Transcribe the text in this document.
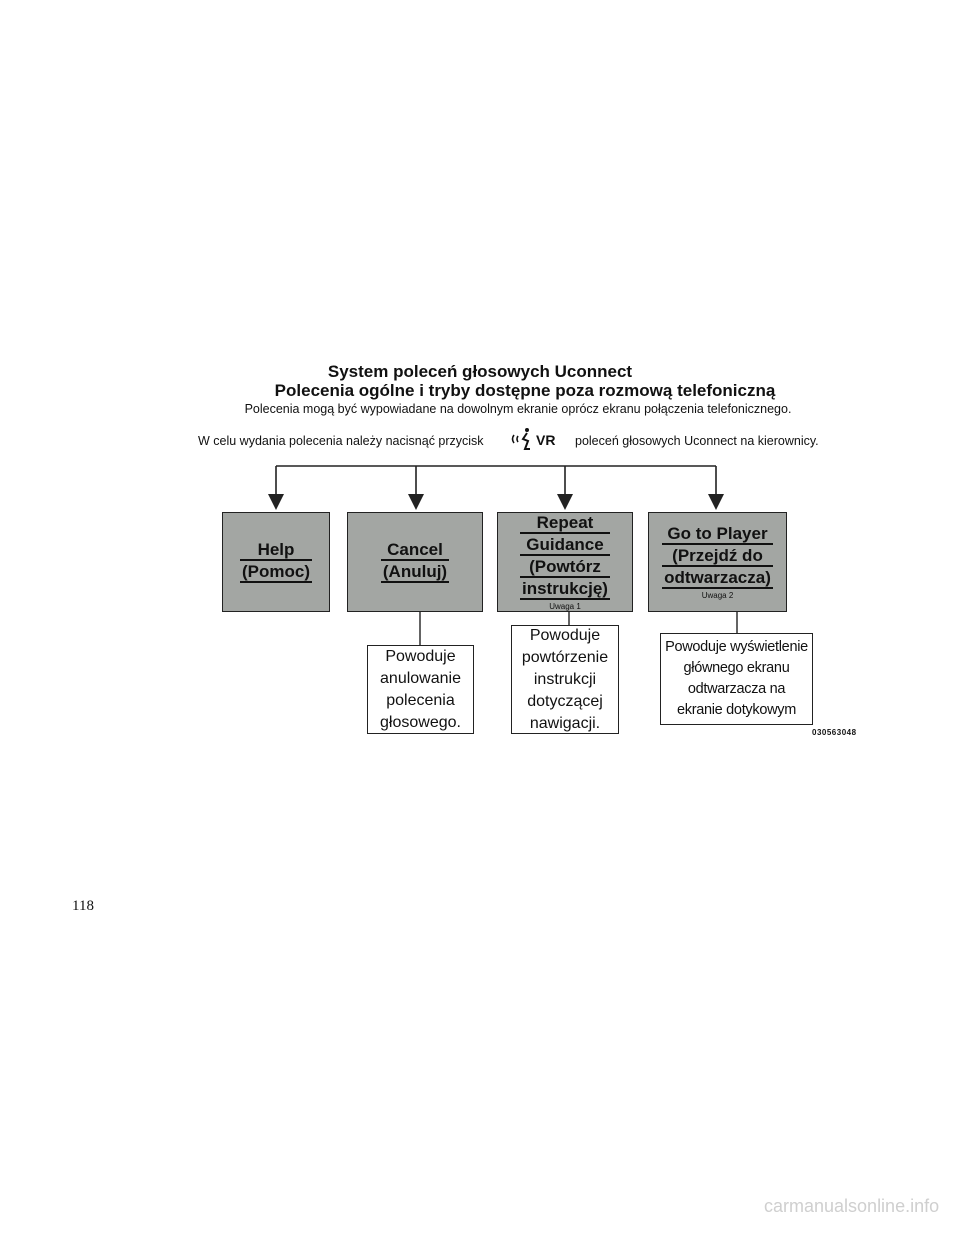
System poleceń głosowych Uconnect
Polecenia ogólne i tryby dostępne poza rozmową telefoniczną
Polecenia mogą być wypowiadane na dowolnym ekranie oprócz ekranu połączenia telefonicznego.
W celu wydania polecenia należy nacisnąć przycisk	VR poleceń głosowych Uconnect na kierownicy.
Help
(Pomoc)
Cancel
(Anuluj)
Repeat
Guidance
(Powtórz
instrukcję)
Uwaga 1
Go to Player
(Przejdź do
odtwarzacza)
Uwaga 2
Powoduje
anulowanie
polecenia
głosowego.
Powoduje
powtórzenie
instrukcji
dotyczącej
nawigacji.
Powoduje wyświetlenie
głównego ekranu
odtwarzacza na
ekranie dotykowym
030563048
118
carmanualsonline.info
